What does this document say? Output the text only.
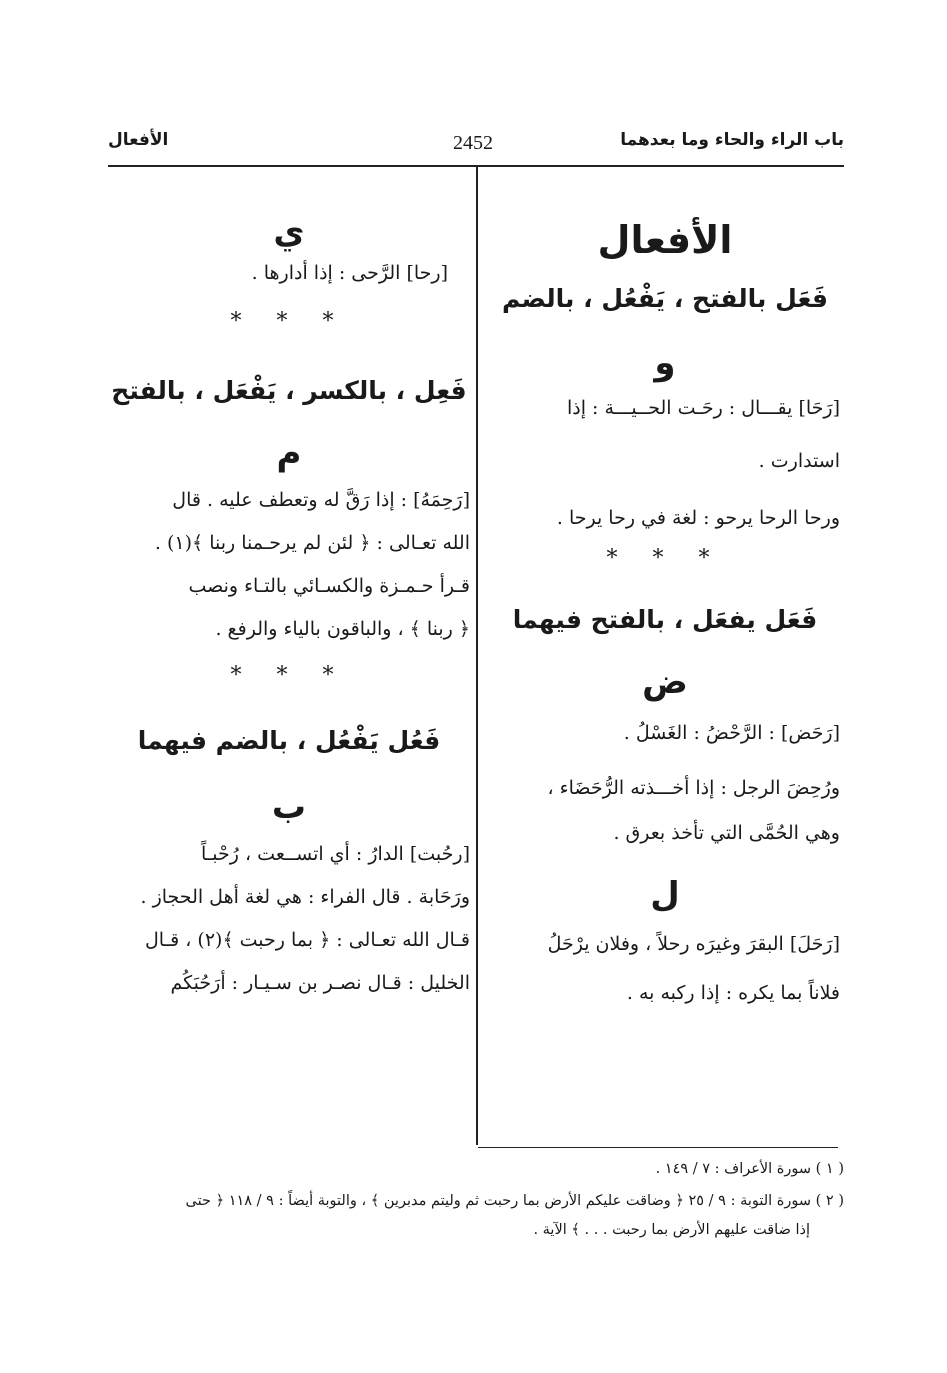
باب الراء والحاء وما بعدهما
2452
الأفعال

الأفعال

فَعَل بالفتح ، يَفْعُل ، بالضم

و

[رَحَا] يقـــال : رحَـت الحــيـــة : إذا

استدارت .

ورحا الرحا يرحو : لغة في رحا يرحا .

* * *

فَعَل يفعَل ، بالفتح فيهما

ض

[رَحَض] : الرَّحْضُ : الغَسْلُ .

ورُحِضَ الرجل : إذا أخـــذته الرُّحَضَاء ،

وهي الحُمَّى التي تأخذ بعرق .

ل

[رَحَلَ] البقرَ وغيرَه رحلاً ، وفلان يرْحَلُ

فلاناً بما يكره : إذا ركبه به .

ي

[رحا] الرَّحى : إذا أدارها .

* * *

فَعِل ، بالكسر ، يَفْعَل ، بالفتح

م

[رَحِمَهُ] : إذا رَقَّ له وتعطف عليه . قال

الله تعـالى : ﴿ لئن لم يرحـمنا ربنا ﴾(١) .

قـرأ حـمـزة والكسـائي بالتـاء ونصب

﴿ ربنا ﴾ ، والباقون بالياء والرفع .

* * *

فَعُل يَفْعُل ، بالضم فيهما

ب

[رحُبت] الدارُ : أي اتســعت ، رُحْبـاً

ورَحَابة . قال الفراء : هي لغة أهل الحجاز .

قـال الله تعـالى : ﴿ بما رحبت ﴾(٢) ، قـال

الخليل : قـال نصـر بن سـيـار : أرَحُبَكُم

( ١ ) سورة الأعراف : ٧ / ١٤٩ .

( ٢ ) سورة التوبة : ٩ / ٢٥ ﴿ وضاقت عليكم الأرض بما رحبت ثم وليتم مدبرين ﴾ ، والتوبة أيضاً : ٩ / ١١٨ ﴿ حتى

إذا ضاقت عليهم الأرض بما رحبت . . . ﴾ الآية .
